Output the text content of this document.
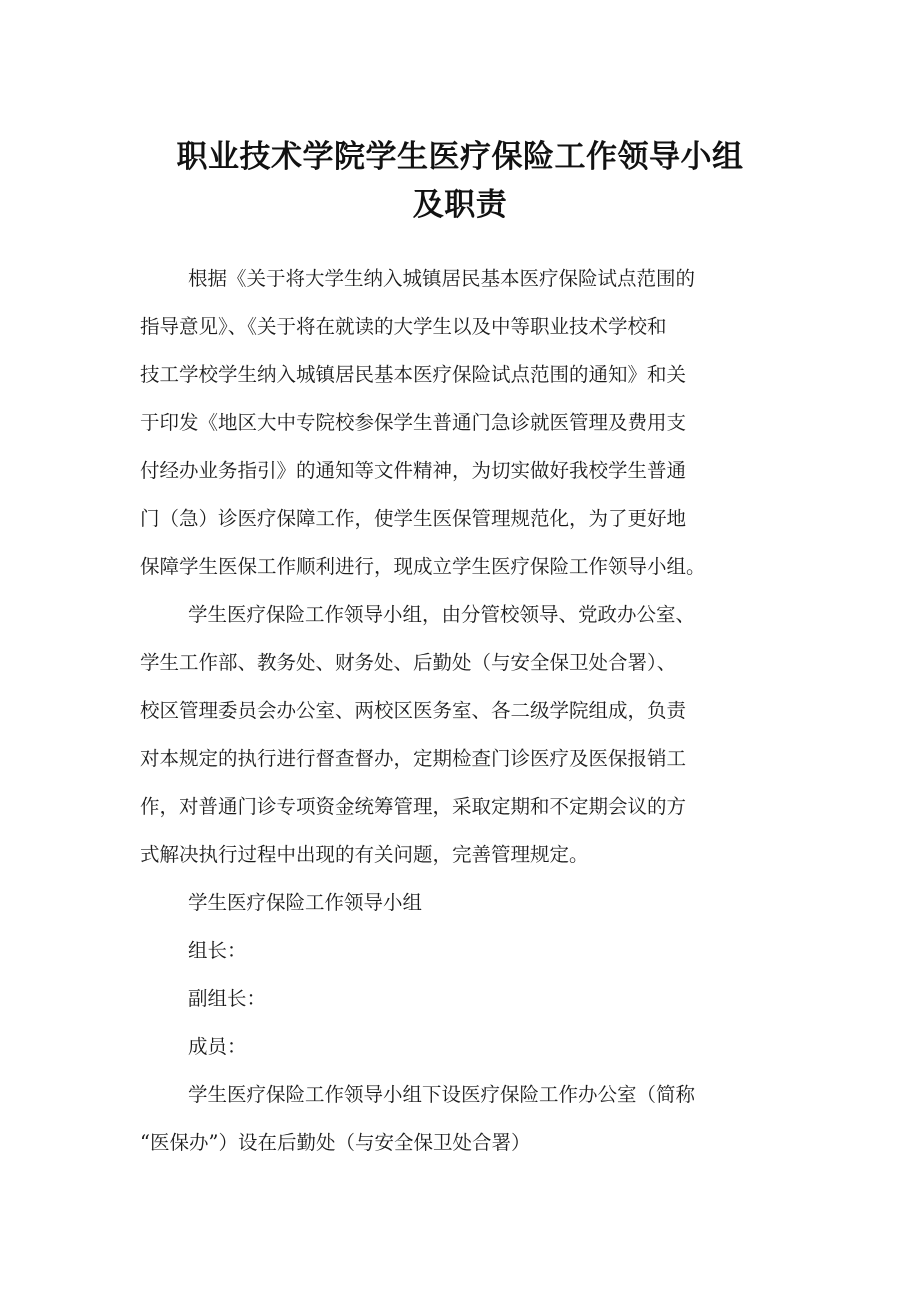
职业技术学院学生医疗保险工作领导小组
及职责
根据《关于将大学生纳入城镇居民基本医疗保险试点范围的
指导意见》、《关于将在就读的大学生以及中等职业技术学校和
技工学校学生纳入城镇居民基本医疗保险试点范围的通知》和关
于印发《地区大中专院校参保学生普通门急诊就医管理及费用支
付经办业务指引》的通知等文件精神，为切实做好我校学生普通
门（急）诊医疗保障工作，使学生医保管理规范化，为了更好地
保障学生医保工作顺利进行，现成立学生医疗保险工作领导小组。
学生医疗保险工作领导小组，由分管校领导、党政办公室、
学生工作部、教务处、财务处、后勤处（与安全保卫处合署）、
校区管理委员会办公室、两校区医务室、各二级学院组成，负责
对本规定的执行进行督查督办，定期检查门诊医疗及医保报销工
作，对普通门诊专项资金统筹管理，采取定期和不定期会议的方
式解决执行过程中出现的有关问题，完善管理规定。
学生医疗保险工作领导小组
组长：
副组长：
成员：
学生医疗保险工作领导小组下设医疗保险工作办公室（简称
“医保办”）设在后勤处（与安全保卫处合署）
